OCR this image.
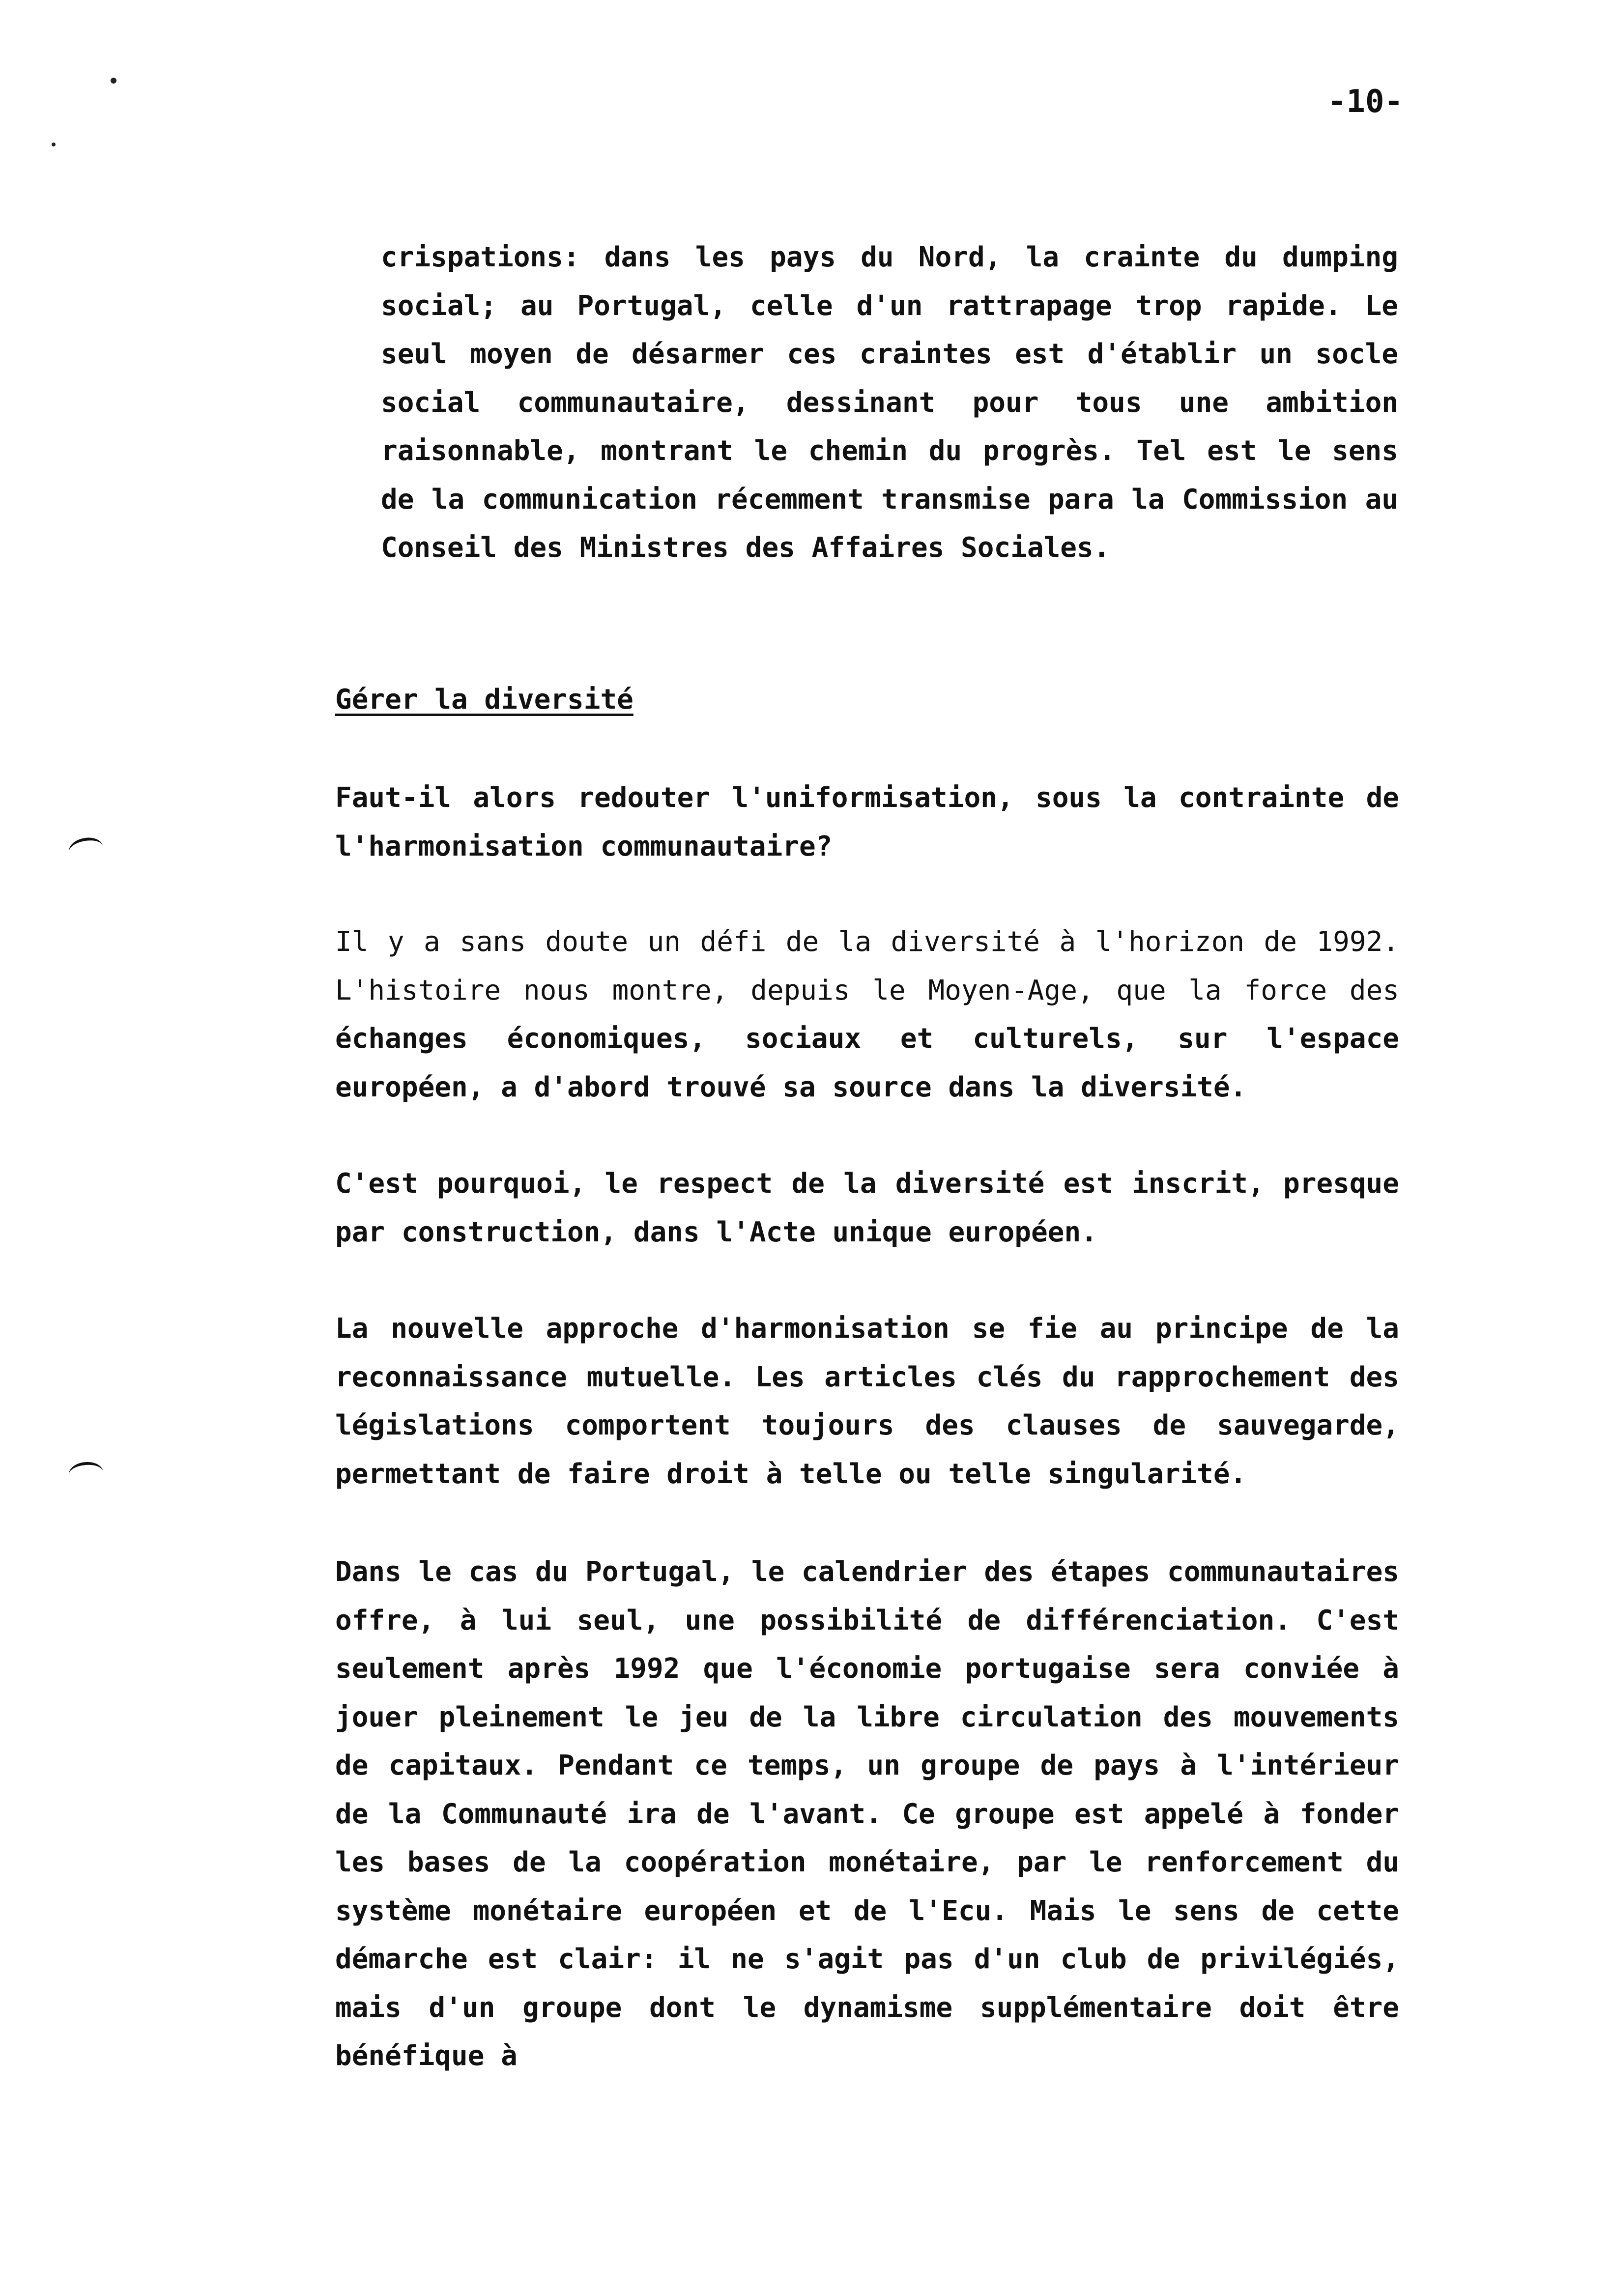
-10-

crispations: dans les pays du Nord, la crainte du dumping social; au Portugal, celle d'un rattrapage trop rapide. Le seul moyen de désarmer ces craintes est d'établir un socle social communautaire, dessinant pour tous une ambition raisonnable, montrant le chemin du progrès. Tel est le sens de la communication récemment transmise para la Commission au Conseil des Ministres des Affaires Sociales.

Gérer la diversité

Faut-il alors redouter l'uniformisation, sous la contrainte de l'harmonisation communautaire?

Il y a sans doute un défi de la diversité à l'horizon de 1992. L'histoire nous montre, depuis le Moyen-Age, que la force des échanges économiques, sociaux et culturels, sur l'espace européen, a d'abord trouvé sa source dans la diversité.

C'est pourquoi, le respect de la diversité est inscrit, presque par construction, dans l'Acte unique européen.

La nouvelle approche d'harmonisation se fie au principe de la reconnaissance mutuelle. Les articles clés du rapprochement des législations comportent toujours des clauses de sauvegarde, permettant de faire droit à telle ou telle singularité.

Dans le cas du Portugal, le calendrier des étapes communautaires offre, à lui seul, une possibilité de différenciation. C'est seulement après 1992 que l'économie portugaise sera conviée à jouer pleinement le jeu de la libre circulation des mouvements de capitaux. Pendant ce temps, un groupe de pays à l'intérieur de la Communauté ira de l'avant. Ce groupe est appelé à fonder les bases de la coopération monétaire, par le renforcement du système monétaire européen et de l'Ecu. Mais le sens de cette démarche est clair: il ne s'agit pas d'un club de privilégiés, mais d'un groupe dont le dynamisme supplémentaire doit être bénéfique à
